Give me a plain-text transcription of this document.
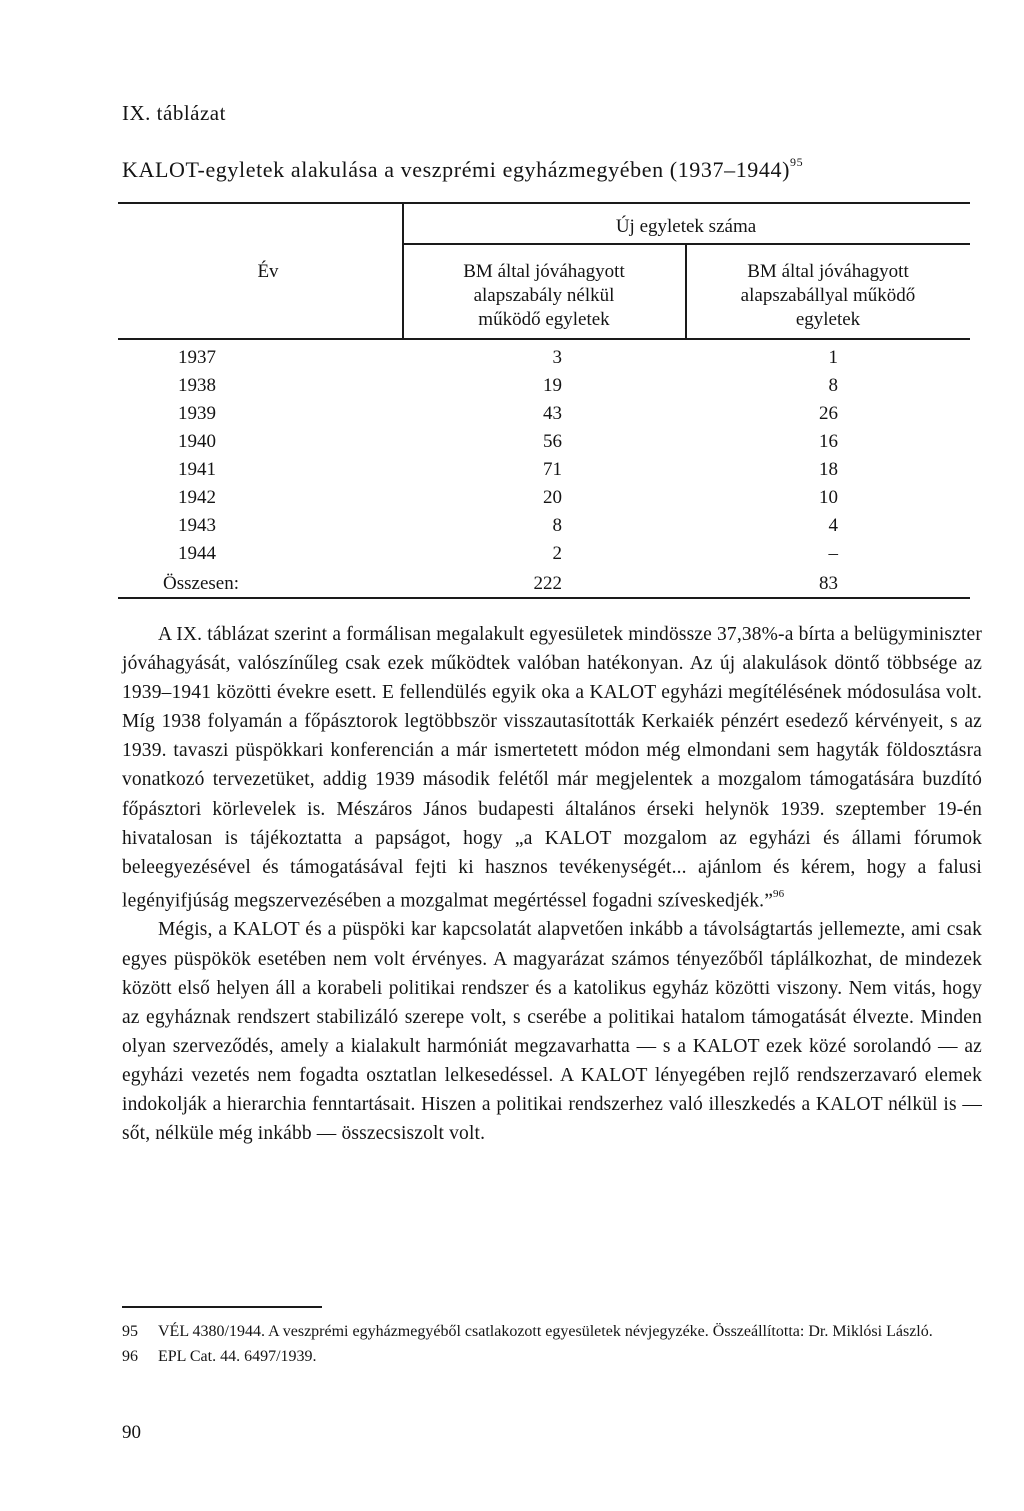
IX. táblázat
KALOT-egyletek alakulása a veszprémi egyházmegyében (1937–1944)$^{95}$
Év
Új egyletek száma
BM által jóváhagyott
alapszabály nélkül
működő egyletek
BM által jóváhagyott
alapszabállyal működő
egyletek
1937	3	1
1938	19	8
1939	43	26
1940	56	16
1941	71	18
1942	20	10
1943	8	4
1944	2	–
Összesen:	222	83

A IX. táblázat szerint a formálisan megalakult egyesületek mindössze 37,38%-a bírta a belügyminiszter jóváhagyását, valószínűleg csak ezek működtek valóban hatékonyan. Az új alakulások döntő többsége az 1939–1941 közötti évekre esett. E fellendülés egyik oka a KALOT egyházi megítélésének módosulása volt. Míg 1938 folyamán a főpásztorok legtöbbször visszautasították Kerkaiék pénzért esedező kérvényeit, s az 1939. tavaszi püspökkari konferencián a már ismertetett módon még elmondani sem hagyták földosztásra vonatkozó tervezetüket, addig 1939 második felétől már megjelentek a mozgalom támogatására buzdító főpásztori körlevelek is. Mészáros János budapesti általános érseki helynök 1939. szeptember 19-én hivatalosan is tájékoztatta a papságot, hogy „a KALOT mozgalom az egyházi és állami fórumok beleegyezésével és támogatásával fejti ki hasznos tevékenységét... ajánlom és kérem, hogy a falusi legényifjúság megszervezésében a mozgalmat megértéssel fogadni szíveskedjék.”$^{96}$

Mégis, a KALOT és a püspöki kar kapcsolatát alapvetően inkább a távolságtartás jellemezte, ami csak egyes püspökök esetében nem volt érvényes. A magyarázat számos tényezőből táplálkozhat, de mindezek között első helyen áll a korabeli politikai rendszer és a katolikus egyház közötti viszony. Nem vitás, hogy az egyháznak rendszert stabilizáló szerepe volt, s cserébe a politikai hatalom támogatását élvezte. Minden olyan szerveződés, amely a kialakult harmóniát megzavarhatta — s a KALOT ezek közé sorolandó — az egyházi vezetés nem fogadta osztatlan lelkesedéssel. A KALOT lényegében rejlő rendszerzavaró elemek indokolják a hierarchia fenntartásait. Hiszen a politikai rendszerhez való illeszkedés a KALOT nélkül is — sőt, nélküle még inkább — összecsiszolt volt.

95	VÉL 4380/1944. A veszprémi egyházmegyéből csatlakozott egyesületek névjegyzéke. Összeállította: Dr. Miklósi László.
96	EPL Cat. 44. 6497/1939.
90
